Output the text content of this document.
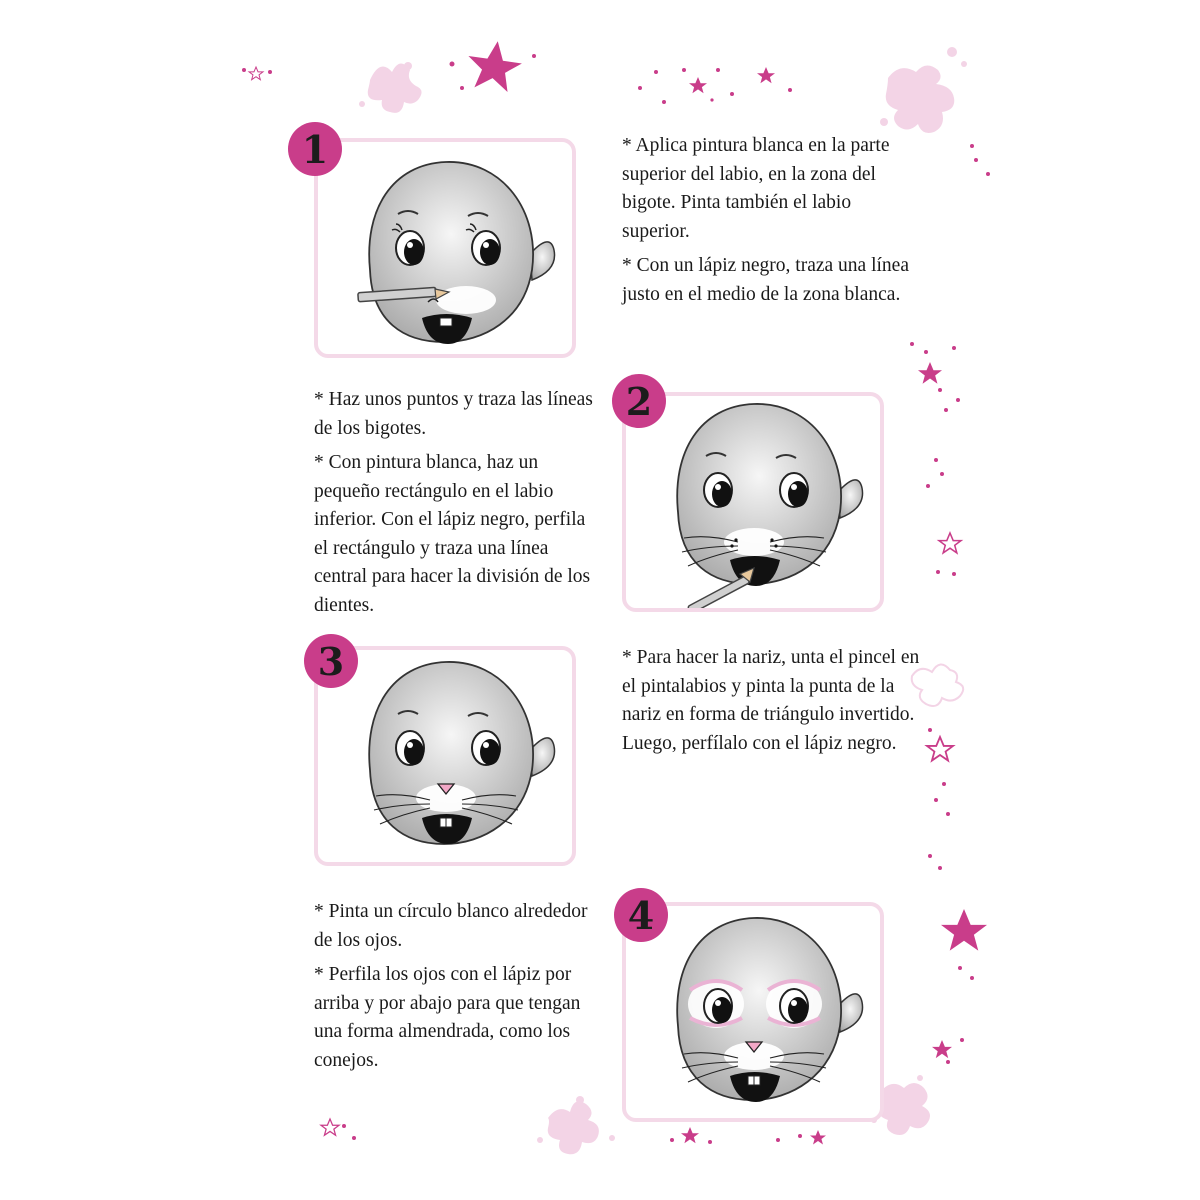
1	* Aplica pintura blanca en la parte superior del labio, en la zona del bigote. Pinta también el labio superior.

* Con un lápiz negro, traza una línea justo en el medio de la zona blanca.

* Haz unos puntos y traza las líneas de los bigotes.

* Con pintura blanca, haz un pequeño rectángulo en el labio inferior. Con el lápiz negro, perfila el rectángulo y traza una línea central para hacer la división de los dientes.

2
3	* Para hacer la nariz, unta el pincel en el pintalabios y pinta la punta de la nariz en forma de triángulo invertido. Luego, perfílalo con el lápiz negro.

* Pinta un círculo blanco alrededor de los ojos.

* Perfila los ojos con el lápiz por arriba y por abajo para que tengan una forma almendrada, como los conejos.

4
